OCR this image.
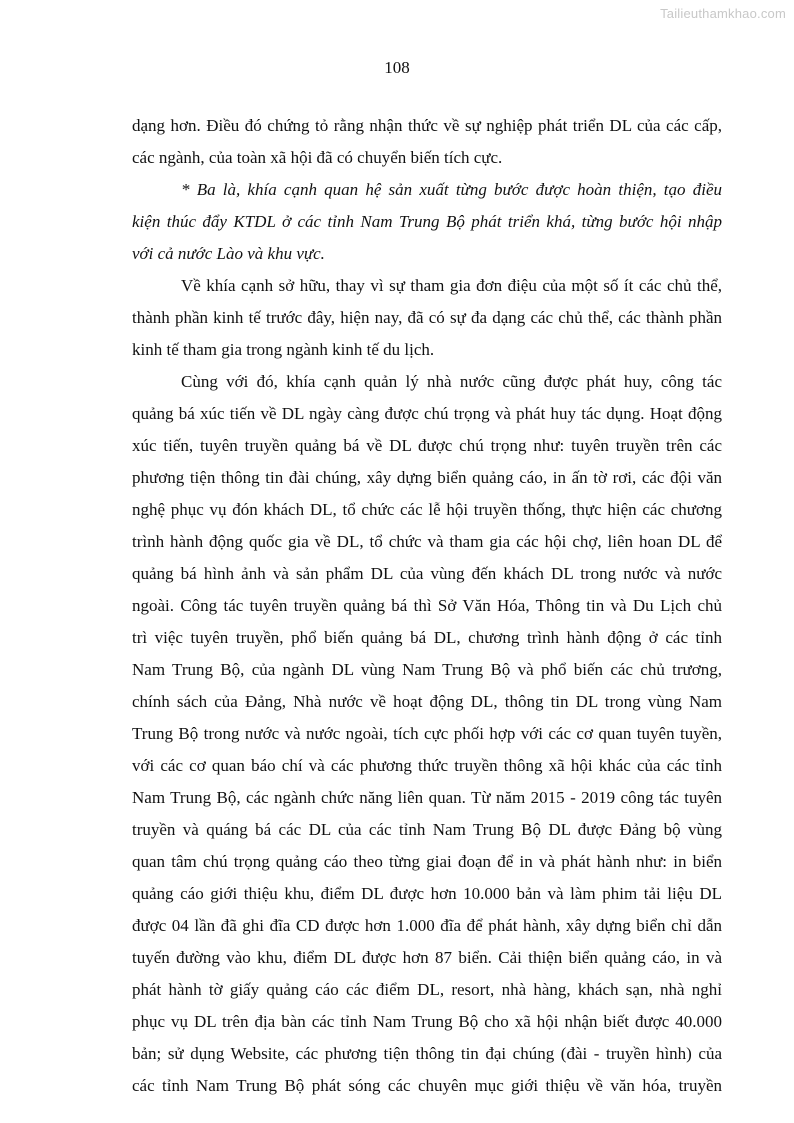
Tailieuthamkhao.com
108
dạng hơn. Điều đó chứng tỏ rằng nhận thức về sự nghiệp phát triển DL của các cấp,
các ngành, của toàn xã hội đã có chuyển biến tích cực.
* Ba là, khía cạnh quan hệ sản xuất từng bước được hoàn thiện, tạo điều
kiện thúc đẩy KTDL ở các tỉnh Nam Trung Bộ phát triển khá, từng bước hội nhập
với cả nước Lào và khu vực.
Về khía cạnh sở hữu, thay vì sự tham gia đơn điệu của một số ít các chủ thể,
thành phần kinh tế trước đây, hiện nay, đã có sự đa dạng các chủ thể, các thành phần
kinh tế tham gia trong ngành kinh tế du lịch.
Cùng với đó, khía cạnh quản lý nhà nước cũng được phát huy, công tác
quảng bá xúc tiến về DL ngày càng được chú trọng và phát huy tác dụng. Hoạt động
xúc tiến, tuyên truyền quảng bá về DL được chú trọng như: tuyên truyền trên các
phương tiện thông tin đài chúng, xây dựng biển quảng cáo, in ấn tờ rơi, các đội văn
nghệ phục vụ đón khách DL, tổ chức các lễ hội truyền thống, thực hiện các chương
trình hành động quốc gia về DL, tổ chức và tham gia các hội chợ, liên hoan DL để
quảng bá hình ảnh và sản phẩm DL của vùng đến khách DL trong nước và nước
ngoài. Công tác tuyên truyền quảng bá thì Sở Văn Hóa, Thông tin và Du Lịch chủ
trì việc tuyên truyền, phổ biến quảng bá DL, chương trình hành động ở các tỉnh
Nam Trung Bộ, của ngành DL vùng Nam Trung Bộ và phổ biến các chủ trương,
chính sách của Đảng, Nhà nước về hoạt động DL, thông tin DL trong vùng Nam
Trung Bộ trong nước và nước ngoài, tích cực phối hợp với các cơ quan tuyên tuyền,
với các cơ quan báo chí và các phương thức truyền thông xã hội khác của các tỉnh
Nam Trung Bộ, các ngành chức năng liên quan. Từ năm 2015 - 2019 công tác tuyên
truyền và quáng bá các DL của các tỉnh Nam Trung Bộ DL được Đảng bộ vùng
quan tâm chú trọng quảng cáo theo từng giai đoạn để in và phát hành như: in biển
quảng cáo giới thiệu khu, điểm DL được hơn 10.000 bản và làm phim tải liệu DL
được 04 lần đã ghi đĩa CD được hơn 1.000 đĩa để phát hành, xây dựng biển chỉ dẫn
tuyến đường vào khu, điểm DL được hơn 87 biển. Cải thiện biển quảng cáo, in và
phát hành tờ giấy quảng cáo các điểm DL, resort, nhà hàng, khách sạn, nhà nghỉ
phục vụ DL trên địa bàn các tỉnh Nam Trung Bộ cho xã hội nhận biết được 40.000
bản; sử dụng Website, các phương tiện thông tin đại chúng (đài - truyền hình) của
các tỉnh Nam Trung Bộ phát sóng các chuyên mục giới thiệu về văn hóa, truyền
